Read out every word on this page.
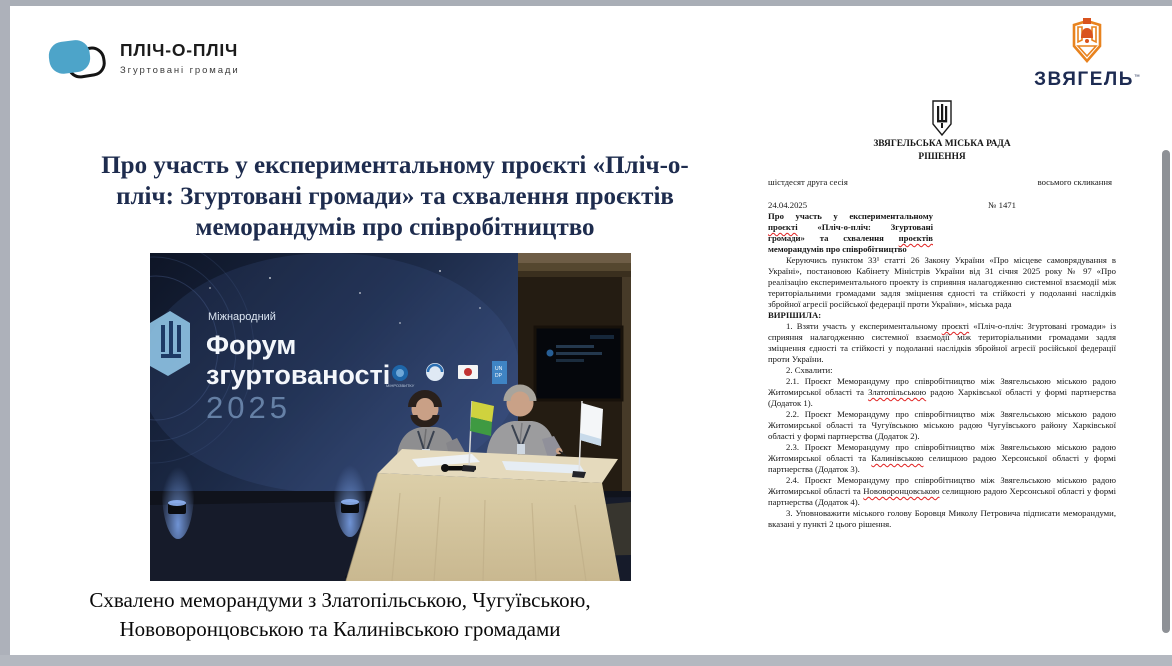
ПЛІЧ-О-ПЛІЧ
Згуртовані громади	ЗВЯГЕЛЬ™
Про участь у експериментальному проєкті «Пліч-о-
пліч: Згуртовані громади» та схвалення проєктів
меморандумів про співробітництво
Міжнародний
Форум
згуртованості
2025
МІНРОЗВИТКУ
UN
DP
Схвалено меморандуми з Златопільською, Чугуївською,
Нововоронцовською та Калинівською громадами
ЗВЯГЕЛЬСЬКА МІСЬКА РАДА
РІШЕННЯ
шістдесят друга сесія	восьмого скликання
24.04.2025	№ 1471

Про участь у експериментальному проєкті «Пліч-о-пліч: Згуртовані громади» та схвалення проєктів меморандумів про співробітництво

Керуючись пунктом 33¹ статті 26 Закону України «Про місцеве самоврядування в Україні», постановою Кабінету Міністрів України від 31 січня 2025 року № 97 «Про реалізацію експериментального проекту із сприяння налагодженню системної взаємодії між територіальними громадами задля зміцнення єдності та стійкості у подоланні наслідків збройної агресії російської федерації проти України», міська рада

ВИРІШИЛА:

1. Взяти участь у експериментальному проєкті «Пліч-о-пліч: Згуртовані громади» із сприяння налагодженню системної взаємодії між територіальними громадами задля зміцнення єдності та стійкості у подоланні наслідків збройної агресії російської федерації проти України.

2. Схвалити:

2.1. Проєкт Меморандуму про співробітництво між Звягельською міською радою Житомирської області та Златопільською радою Харківської області у формі партнерства (Додаток 1).

2.2. Проєкт Меморандуму про співробітництво між Звягельською міською радою Житомирської області та Чугуївською міською радою Чугуївського району Харківської області у формі партнерства (Додаток 2).

2.3. Проєкт Меморандуму про співробітництво між Звягельською міською радою Житомирської області та Калинівською селищною радою Херсонської області у формі партнерства (Додаток 3).

2.4. Проєкт Меморандуму про співробітництво між Звягельською міською радою Житомирської області та Нововоронцовською селищною радою Херсонської області у формі партнерства (Додаток 4).

3. Уповноважити міського голову Боровця Миколу Петровича підписати меморандуми, вказані у пункті 2 цього рішення.
